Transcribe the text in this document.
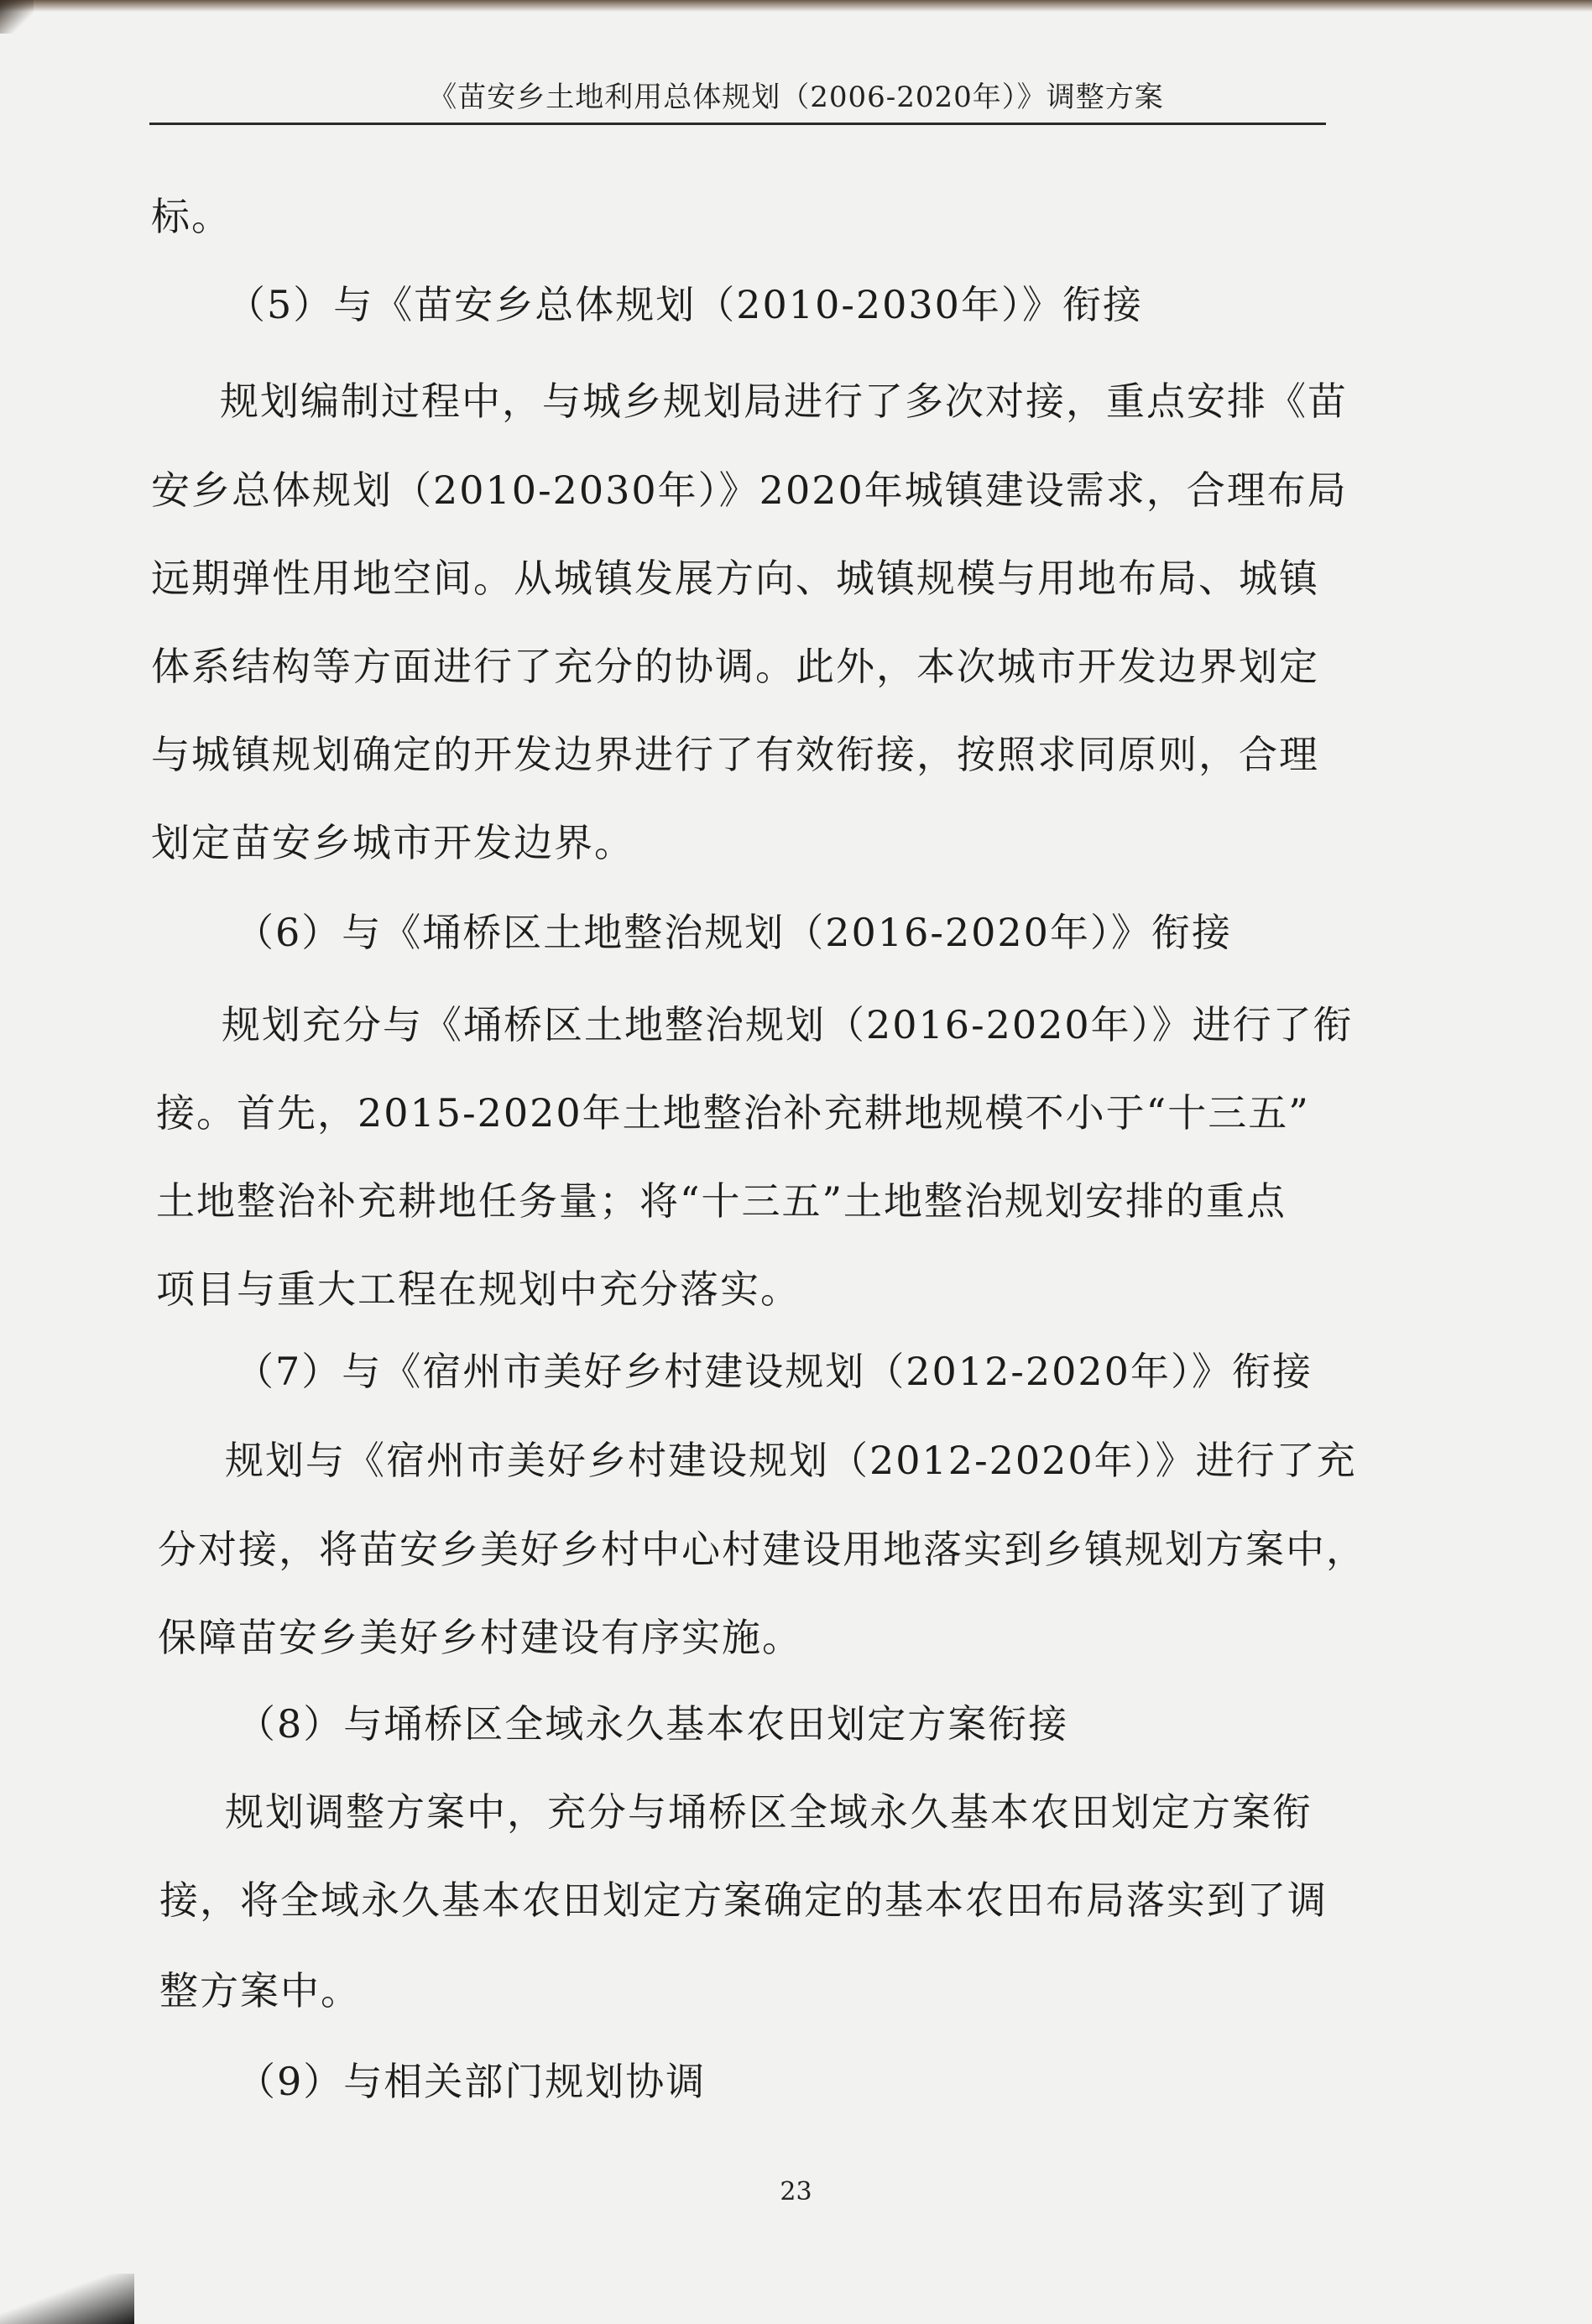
《苗安乡土地利用总体规划（2006-2020年）》调整方案
标。
（5）与《苗安乡总体规划（2010-2030年）》衔接
规划编制过程中，与城乡规划局进行了多次对接，重点安排《苗
安乡总体规划（2010-2030年）》2020年城镇建设需求，合理布局
远期弹性用地空间。从城镇发展方向、城镇规模与用地布局、城镇
体系结构等方面进行了充分的协调。此外，本次城市开发边界划定
与城镇规划确定的开发边界进行了有效衔接，按照求同原则，合理
划定苗安乡城市开发边界。
（6）与《埇桥区土地整治规划（2016-2020年）》衔接
规划充分与《埇桥区土地整治规划（2016-2020年）》进行了衔
接。首先，2015-2020年土地整治补充耕地规模不小于“十三五”
土地整治补充耕地任务量；将“十三五”土地整治规划安排的重点
项目与重大工程在规划中充分落实。
（7）与《宿州市美好乡村建设规划（2012-2020年）》衔接
规划与《宿州市美好乡村建设规划（2012-2020年）》进行了充
分对接，将苗安乡美好乡村中心村建设用地落实到乡镇规划方案中，
保障苗安乡美好乡村建设有序实施。
（8）与埇桥区全域永久基本农田划定方案衔接
规划调整方案中，充分与埇桥区全域永久基本农田划定方案衔
接，将全域永久基本农田划定方案确定的基本农田布局落实到了调
整方案中。
（9）与相关部门规划协调
23
